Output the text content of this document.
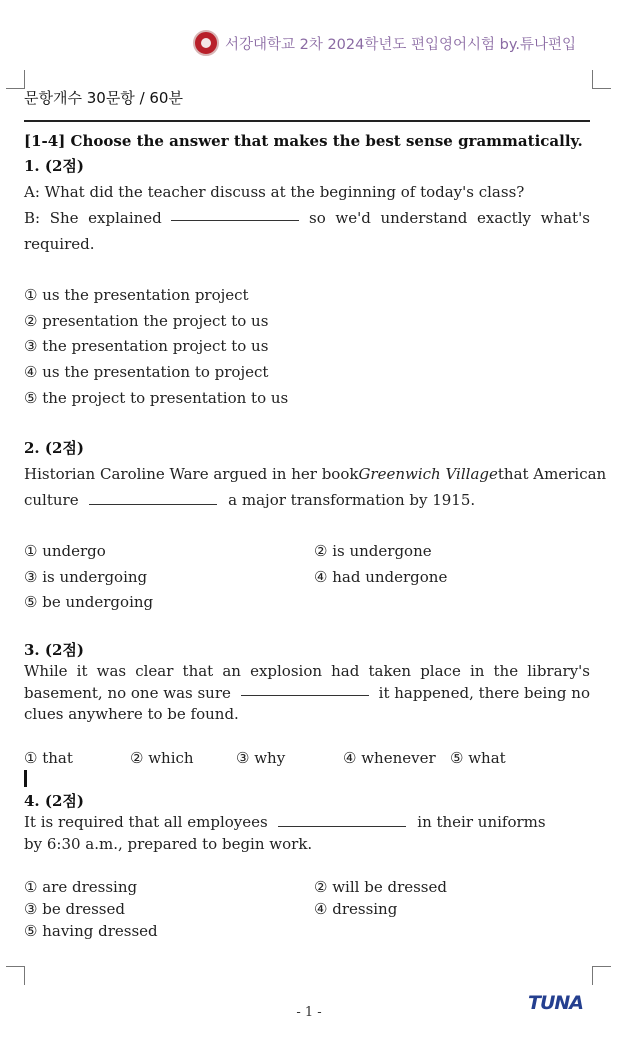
서강대학교 2차 2024학년도 편입영어시험 by.튜나편입
문항개수 30문항 / 60분
[1-4] Choose the answer that makes the best sense grammatically.
1. (2점)
A: What did the teacher discuss at the beginning of today's class?
B: She explained	so we'd understand exactly what's
required.
① us the presentation project
② presentation the project to us
③ the presentation project to us
④ us the presentation to project
⑤ the project to presentation to us
2. (2점)
Historian Caroline Ware argued in her bookGreenwich Village that American
culture	a major transformation by 1915.
① undergo	② is undergone
③ is undergoing	④ had undergone
⑤ be undergoing
3. (2점)
While it was clear that an explosion had taken place in the library's
basement, no one was sure	it happened, there being no
clues anywhere to be found.
① that	② which	③ why	④ whenever ⑤ what
4. (2점)
It is required that all employees	in their uniforms
by 6:30 a.m., prepared to begin work.
① are dressing	② will be dressed
③ be dressed	④ dressing
⑤ having dressed
- 1 -	TUNA
